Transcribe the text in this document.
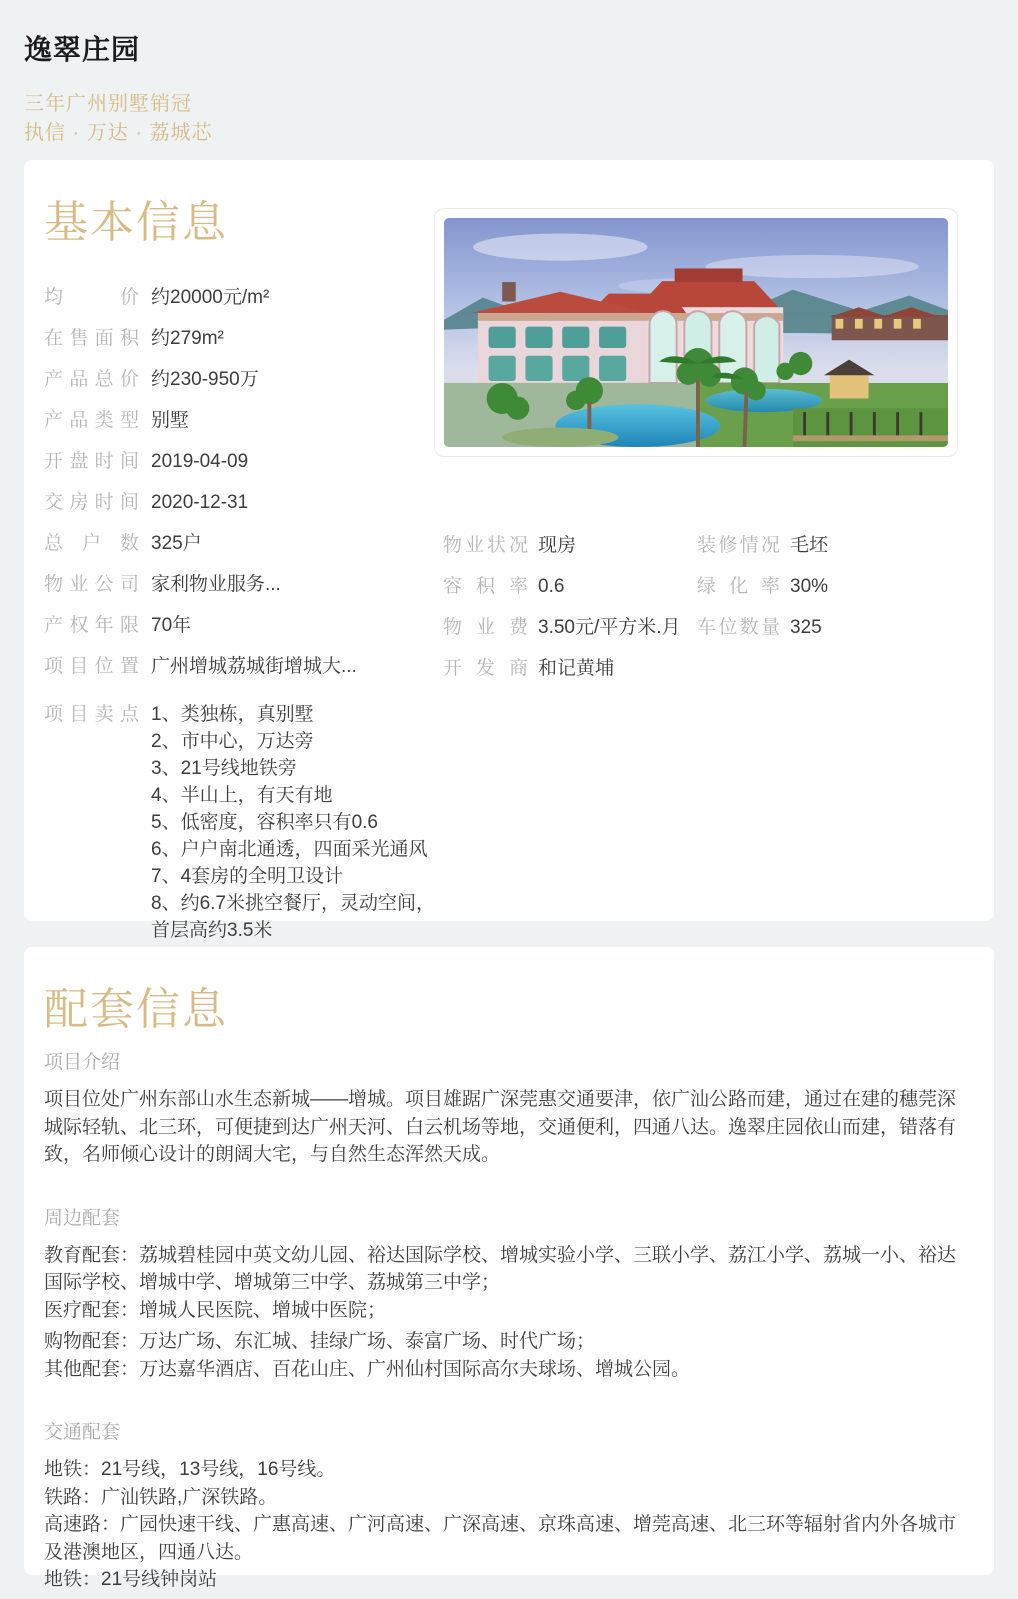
逸翠庄园
三年广州别墅销冠
执信 · 万达 · 荔城芯
基本信息
均价 约20000元/m²
在售面积 约279m²
产品总价 约230-950万
产品类型 别墅
开盘时间 2019-04-09
交房时间 2020-12-31
总户数 325户
物业公司 家利物业服务...
产权年限 70年
项目位置 广州增城荔城街增城大...
项目卖点 1、类独栋，真别墅
2、市中心，万达旁
3、21号线地铁旁
4、半山上，有天有地
5、低密度，容积率只有0.6
6、户户南北通透，四面采光通风
7、4套房的全明卫设计
8、约6.7米挑空餐厅，灵动空间，首层高约3.5米
物业状况 现房	装修情况 毛坯
容积率 0.6	绿化率 30%
物业费 3.50元/平方米.月 车位数量 325
开发商 和记黄埔
配套信息
项目介绍

项目位处广州东部山水生态新城——增城。项目雄踞广深莞惠交通要津，依广汕公路而建，通过在建的穗莞深城际轻轨、北三环，可便捷到达广州天河、白云机场等地，交通便利，四通八达。逸翠庄园依山而建，错落有致，名师倾心设计的朗阔大宅，与自然生态浑然天成。

周边配套

教育配套：荔城碧桂园中英文幼儿园、裕达国际学校、增城实验小学、三联小学、荔江小学、荔城一小、裕达国际学校、增城中学、增城第三中学、荔城第三中学；
医疗配套：增城人民医院、增城中医院；

购物配套：万达广场、东汇城、挂绿广场、泰富广场、时代广场；

其他配套：万达嘉华酒店、百花山庄、广州仙村国际高尔夫球场、增城公园。

交通配套

地铁：21号线，13号线，16号线。
铁路：广汕铁路,广深铁路。
高速路：广园快速干线、广惠高速、广河高速、广深高速、京珠高速、增莞高速、北三环等辐射省内外各城市及港澳地区，四通八达。
地铁：21号线钟岗站
